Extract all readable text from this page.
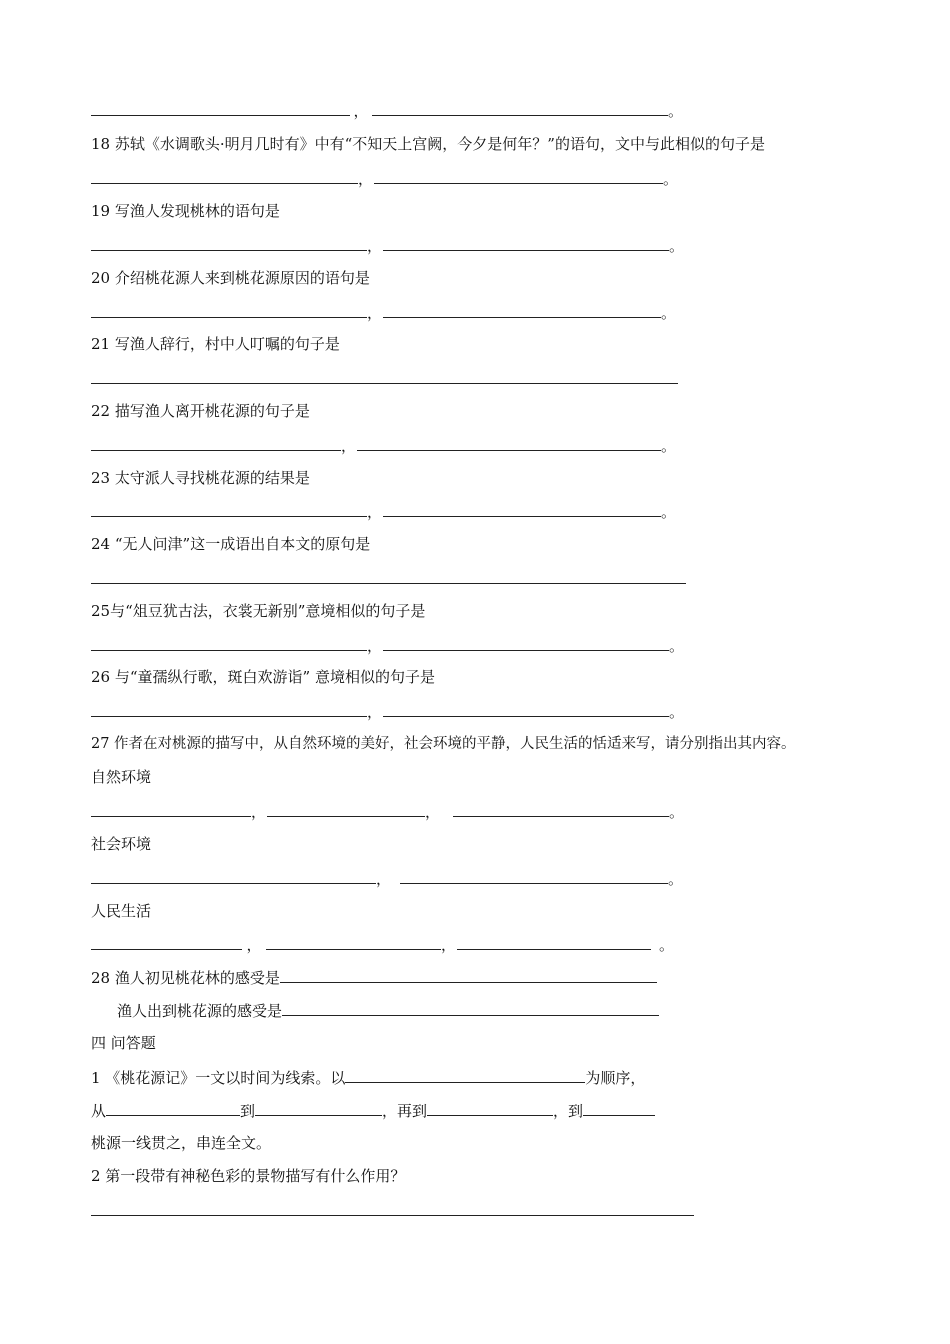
，	。
18 苏轼《水调歌头·明月几时有》中有“不知天上宫阙，今夕是何年？”的语句，文中与此相似的句子是
，	。
19 写渔人发现桃林的语句是
，	。
20 介绍桃花源人来到桃花源原因的语句是
，	。
21 写渔人辞行，村中人叮嘱的句子是
22 描写渔人离开桃花源的句子是
，	。
23 太守派人寻找桃花源的结果是
，	。
24 “无人问津”这一成语出自本文的原句是
25与“俎豆犹古法，衣裳无新别”意境相似的句子是
，	。
26 与“童孺纵行歌，斑白欢游诣” 意境相似的句子是
，	。
27 作者在对桃源的描写中，从自然环境的美好，社会环境的平静，人民生活的恬适来写，请分别指出其内容。
自然环境
，	，	。
社会环境
，	。
人民生活
，	，	。
28 渔人初见桃花林的感受是
渔人出到桃花源的感受是
四 问答题
1 《桃花源记》一文以时间为线索。以	为顺序，
从	到	，再到	，到
桃源一线贯之，串连全文。
2 第一段带有神秘色彩的景物描写有什么作用？
